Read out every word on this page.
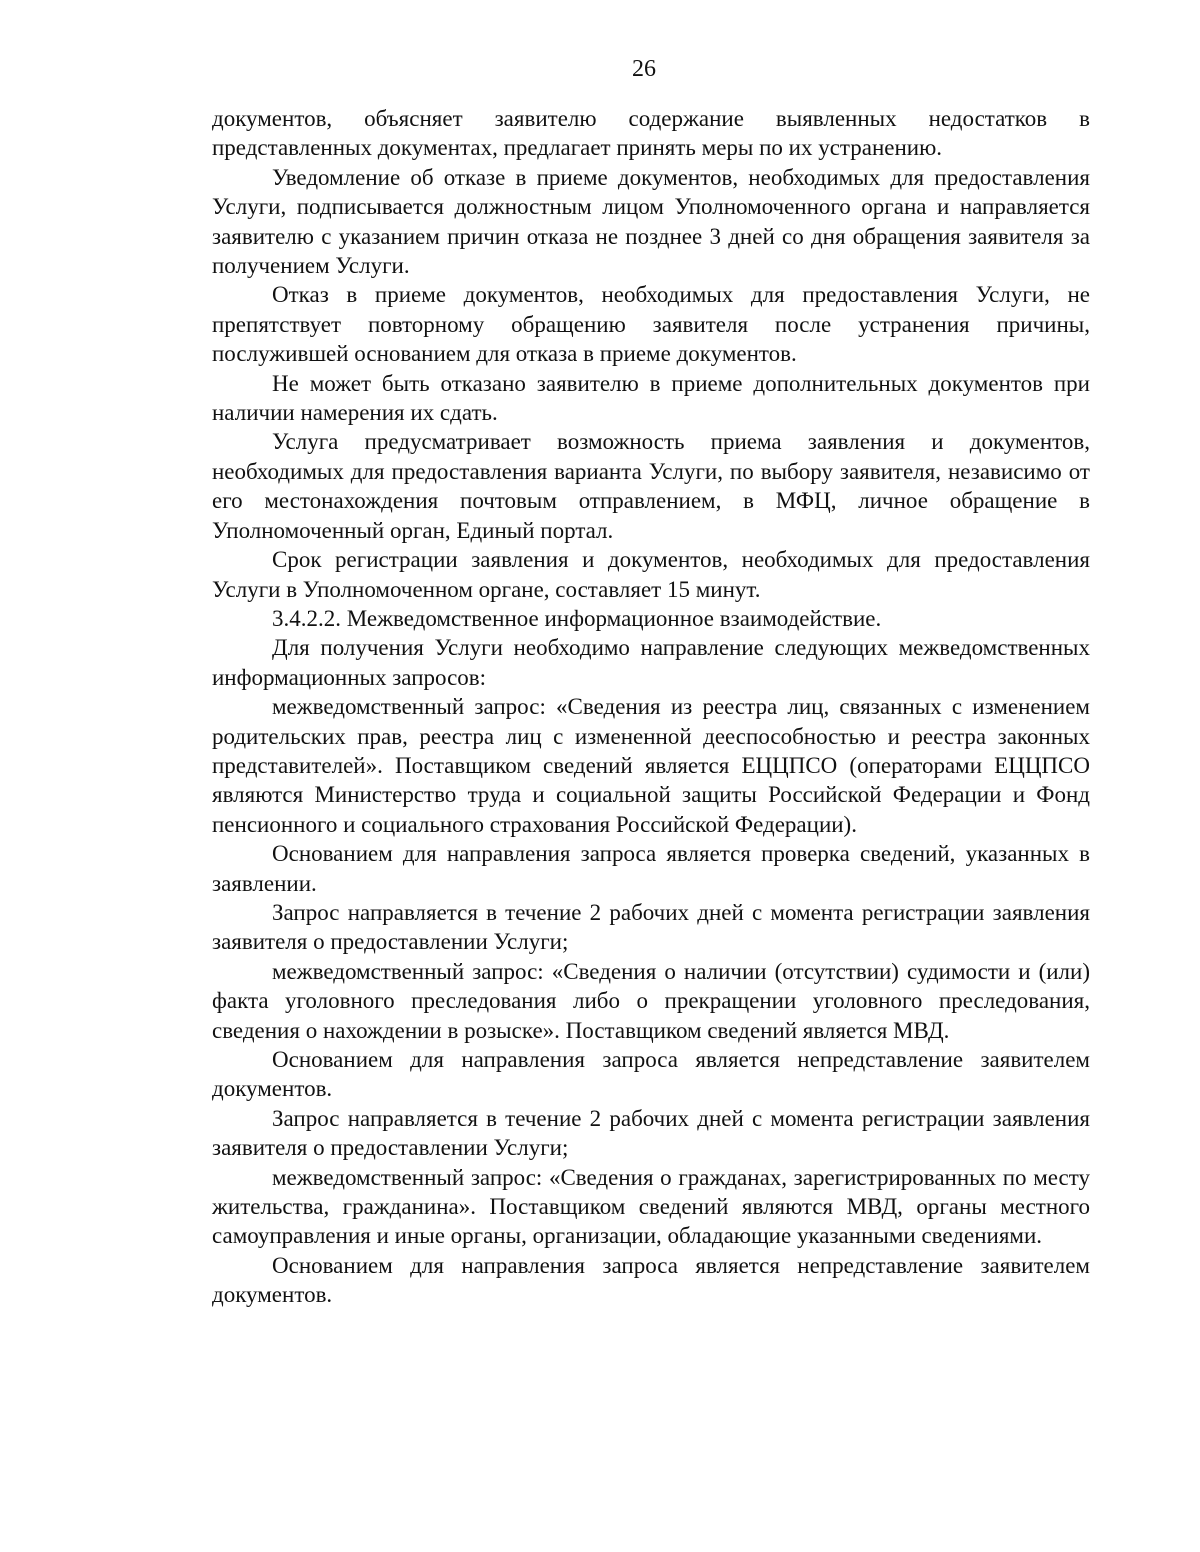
26

документов, объясняет заявителю содержание выявленных недостатков в представленных документах, предлагает принять меры по их устранению.

Уведомление об отказе в приеме документов, необходимых для предоставления Услуги, подписывается должностным лицом Уполномоченного органа и направляется заявителю с указанием причин отказа не позднее 3 дней со дня обращения заявителя за получением Услуги.

Отказ в приеме документов, необходимых для предоставления Услуги, не препятствует повторному обращению заявителя после устранения причины, послужившей основанием для отказа в приеме документов.

Не может быть отказано заявителю в приеме дополнительных документов при наличии намерения их сдать.

Услуга предусматривает возможность приема заявления и документов, необходимых для предоставления варианта Услуги, по выбору заявителя, независимо от его местонахождения почтовым отправлением, в МФЦ, личное обращение в Уполномоченный орган, Единый портал.

Срок регистрации заявления и документов, необходимых для предоставления Услуги в Уполномоченном органе, составляет 15 минут.

3.4.2.2. Межведомственное информационное взаимодействие.

Для получения Услуги необходимо направление следующих межведомственных информационных запросов:

межведомственный запрос: «Сведения из реестра лиц, связанных с изменением родительских прав, реестра лиц с измененной дееспособностью и реестра законных представителей». Поставщиком сведений является ЕЦЦПСО (операторами ЕЦЦПСО являются Министерство труда и социальной защиты Российской Федерации и Фонд пенсионного и социального страхования Российской Федерации).

Основанием для направления запроса является проверка сведений, указанных в заявлении.

Запрос направляется в течение 2 рабочих дней с момента регистрации заявления заявителя о предоставлении Услуги;

межведомственный запрос: «Сведения о наличии (отсутствии) судимости и (или) факта уголовного преследования либо о прекращении уголовного преследования, сведения о нахождении в розыске». Поставщиком сведений является МВД.

Основанием для направления запроса является непредставление заявителем документов.

Запрос направляется в течение 2 рабочих дней с момента регистрации заявления заявителя о предоставлении Услуги;

межведомственный запрос: «Сведения о гражданах, зарегистрированных по месту жительства, гражданина». Поставщиком сведений являются МВД, органы местного самоуправления и иные органы, организации, обладающие указанными сведениями.

Основанием для направления запроса является непредставление заявителем документов.
